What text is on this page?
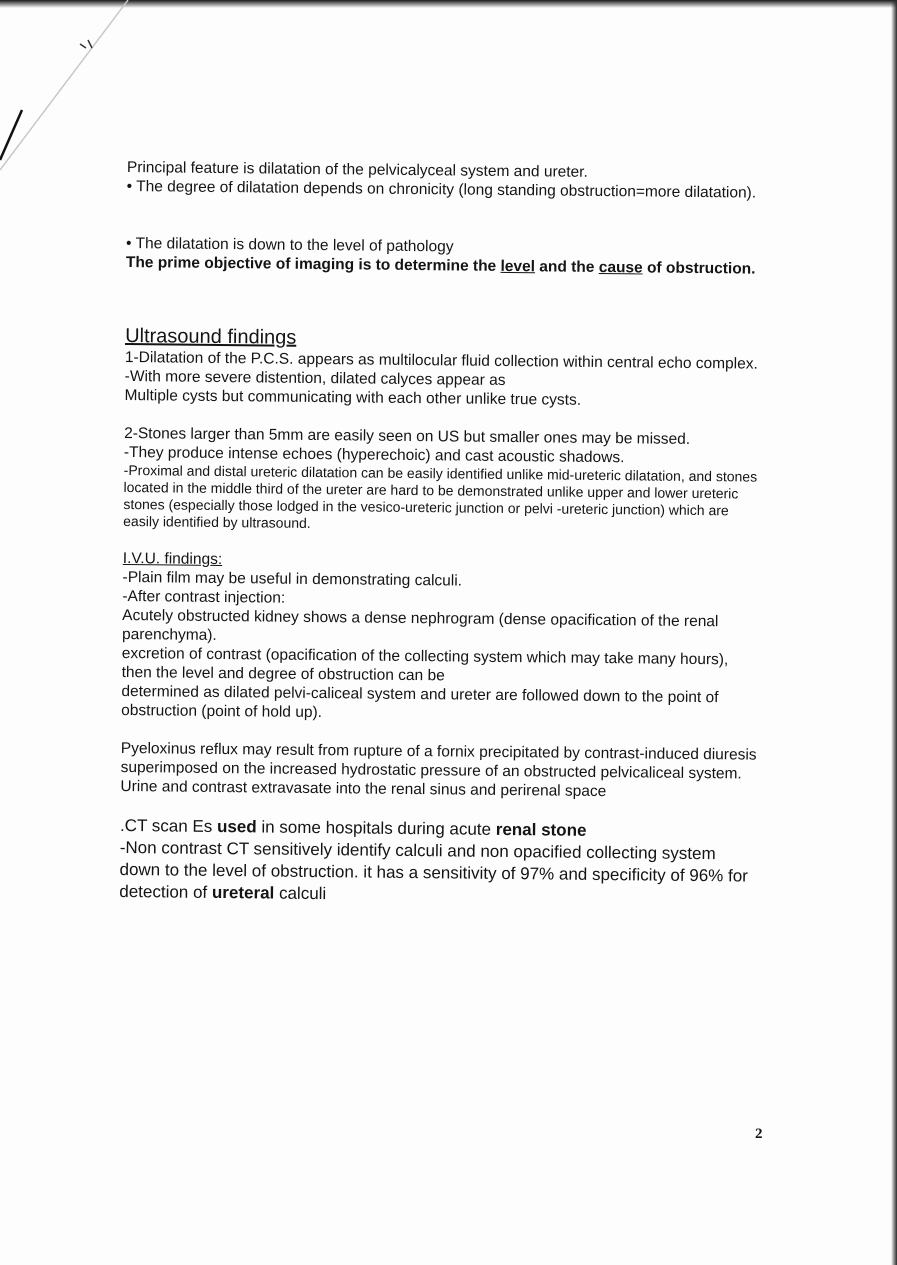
Principal feature is dilatation of the pelvicalyceal system and ureter.

• The degree of dilatation depends on chronicity (long standing obstruction=more dilatation).

• The dilatation is down to the level of pathology

The prime objective of imaging is to determine the level and the cause of obstruction.

Ultrasound findings

1-Dilatation of the P.C.S. appears as multilocular fluid collection within central echo complex.

-With more severe distention, dilated calyces appear as

Multiple cysts but communicating with each other unlike true cysts.

2-Stones larger than 5mm are easily seen on US but smaller ones may be missed.

-They produce intense echoes (hyperechoic) and cast acoustic shadows.

-Proximal and distal ureteric dilatation can be easily identified unlike mid-ureteric dilatation, and stones located in the middle third of the ureter are hard to be demonstrated unlike upper and lower ureteric stones (especially those lodged in the vesico-ureteric junction or pelvi -ureteric junction) which are easily identified by ultrasound.

I.V.U. findings:

-Plain film may be useful in demonstrating calculi.

-After contrast injection:

Acutely obstructed kidney shows a dense nephrogram (dense opacification of the renal parenchyma).

excretion of contrast (opacification of the collecting system which may take many hours),

then the level and degree of obstruction can be

determined as dilated pelvi-caliceal system and ureter are followed down to the point of obstruction (point of hold up).

Pyeloxinus reflux may result from rupture of a fornix precipitated by contrast-induced diuresis superimposed on the increased hydrostatic pressure of an obstructed pelvicaliceal system. Urine and contrast extravasate into the renal sinus and perirenal space

.CT scan Es used in some hospitals during acute renal stone

-Non contrast CT sensitively identify calculi and non opacified collecting system down to the level of obstruction. it has a sensitivity of 97% and specificity of 96% for detection of ureteral calculi

2
